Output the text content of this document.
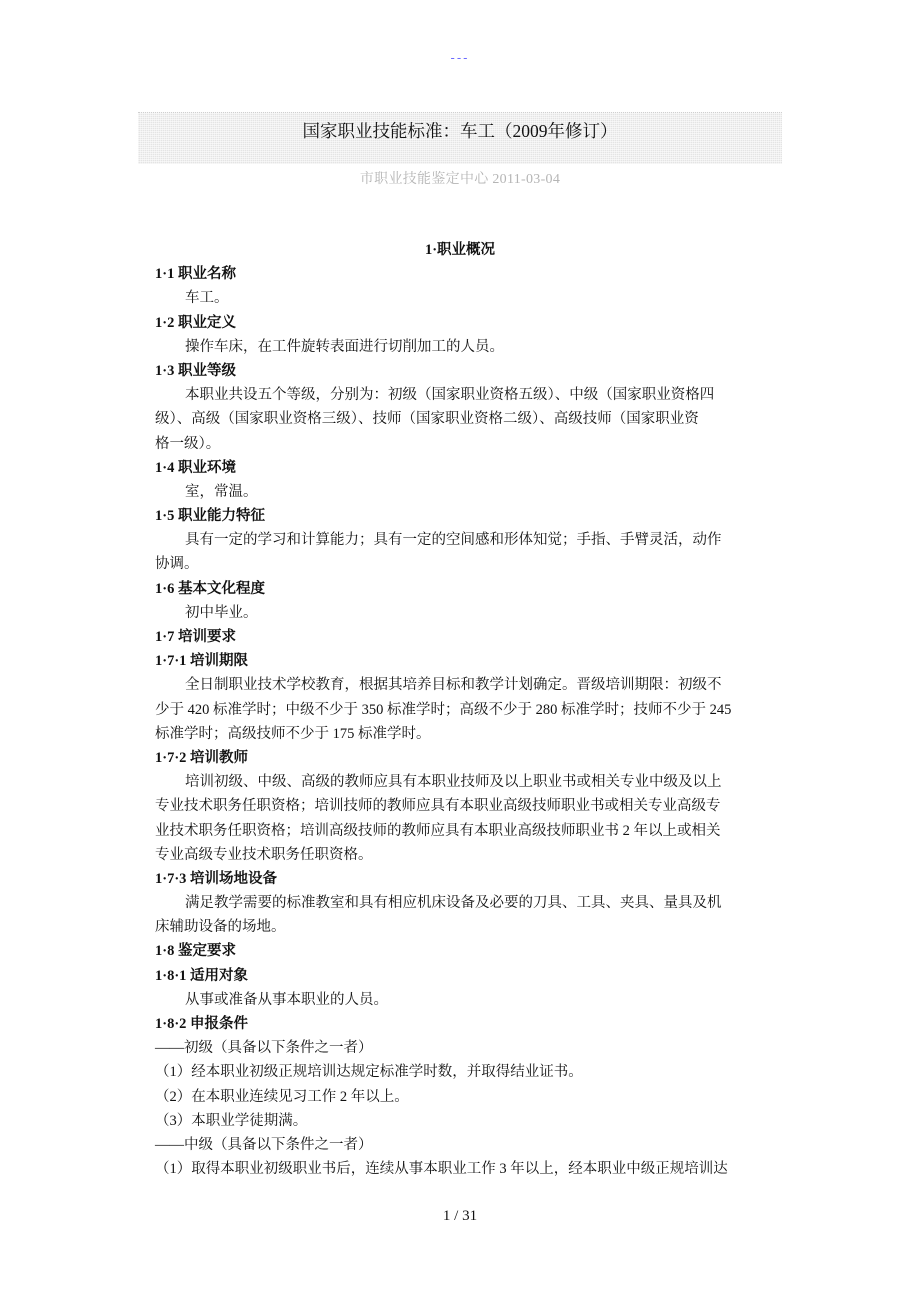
---
国家职业技能标准：车工（2009年修订）
市职业技能鉴定中心 2011-03-04
1·职业概况
1·1 职业名称
车工。
1·2 职业定义
操作车床，在工件旋转表面进行切削加工的人员。
1·3 职业等级
本职业共设五个等级，分别为：初级（国家职业资格五级）、中级（国家职业资格四
级）、高级（国家职业资格三级）、技师（国家职业资格二级）、高级技师（国家职业资
格一级）。
1·4 职业环境
室，常温。
1·5 职业能力特征
具有一定的学习和计算能力；具有一定的空间感和形体知觉；手指、手臂灵活，动作
协调。
1·6 基本文化程度
初中毕业。
1·7 培训要求
1·7·1 培训期限
全日制职业技术学校教育，根据其培养目标和教学计划确定。晋级培训期限：初级不
少于 420 标准学时；中级不少于 350 标准学时；高级不少于 280 标准学时；技师不少于 245
标准学时；高级技师不少于 175 标准学时。
1·7·2 培训教师
培训初级、中级、高级的教师应具有本职业技师及以上职业书或相关专业中级及以上
专业技术职务任职资格；培训技师的教师应具有本职业高级技师职业书或相关专业高级专
业技术职务任职资格；培训高级技师的教师应具有本职业高级技师职业书 2 年以上或相关
专业高级专业技术职务任职资格。
1·7·3 培训场地设备
满足教学需要的标准教室和具有相应机床设备及必要的刀具、工具、夹具、量具及机
床辅助设备的场地。
1·8 鉴定要求
1·8·1 适用对象
从事或准备从事本职业的人员。
1·8·2 申报条件
——初级（具备以下条件之一者）
（1）经本职业初级正规培训达规定标准学时数，并取得结业证书。
（2）在本职业连续见习工作 2 年以上。
（3）本职业学徒期满。
——中级（具备以下条件之一者）
（1）取得本职业初级职业书后，连续从事本职业工作 3 年以上，经本职业中级正规培训达
1 / 31
